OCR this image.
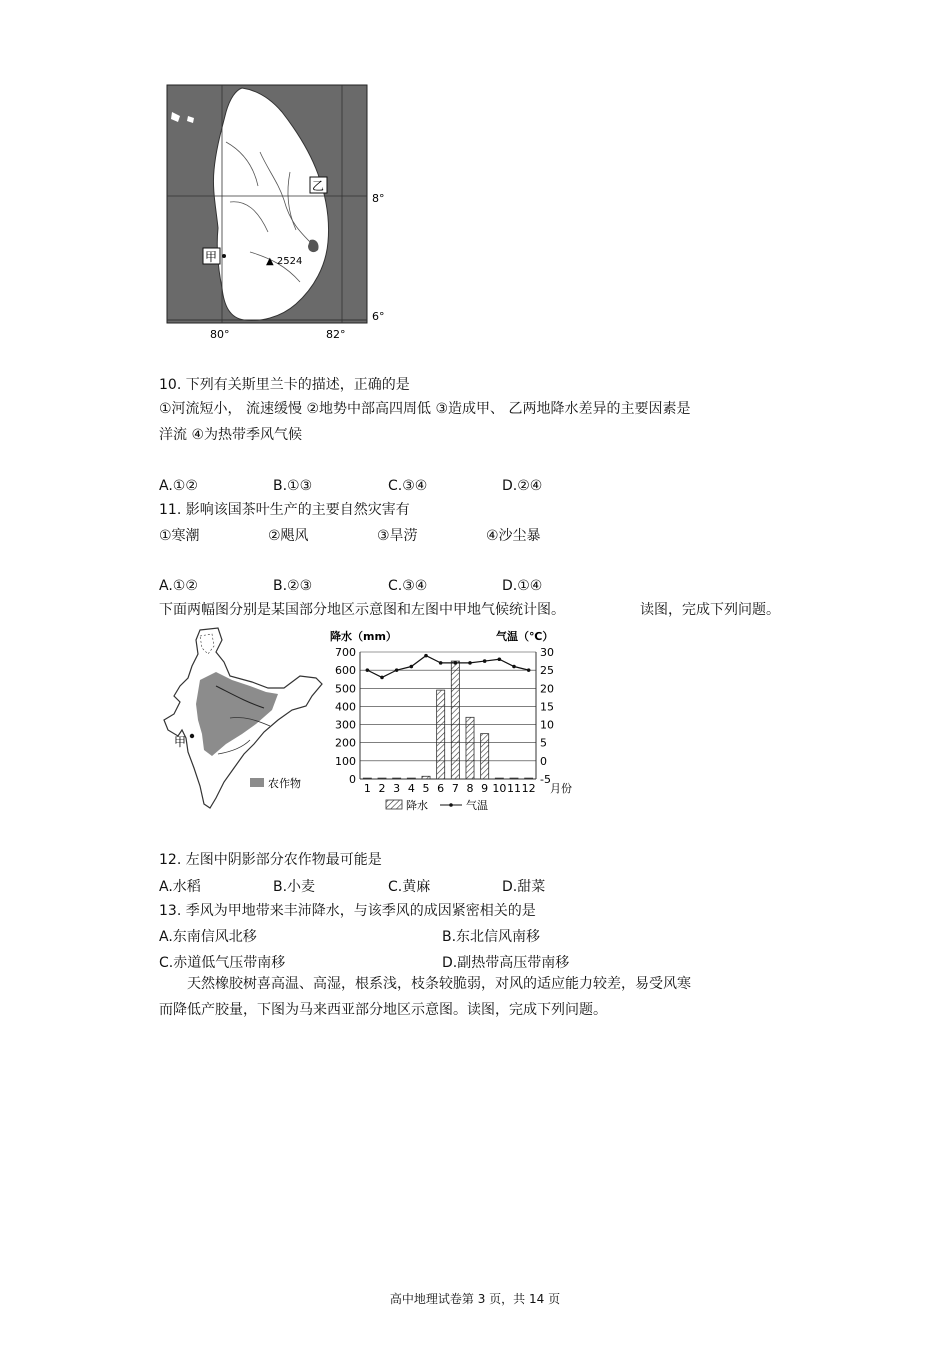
乙
甲	▲ 2524
8°
6°
80°	82°
10. 下列有关斯里兰卡的描述，正确的是
①河流短小， 流速缓慢 ②地势中部高四周低 ③造成甲、 乙两地降水差异的主要因素是
洋流 ④为热带季风气候
A.①②	B.①③	C.③④	D.②④
11. 影响该国茶叶生产的主要自然灾害有
①寒潮	②飓风	③旱涝	④沙尘暴
A.①②	B.②③	C.③④	D.①④
下面两幅图分别是某国部分地区示意图和左图中甲地气候统计图。	读图，完成下列问题。
甲
农作物
降水（mm）	气温（℃）
月份
0
100
200
300
400
500
600
700
-5
0
5
10
15
20
25
30
1 2 3 4 5 6 7 8 9 10 11 12
降水	气温
12. 左图中阴影部分农作物最可能是
A.水稻	B.小麦	C.黄麻	D.甜菜
13. 季风为甲地带来丰沛降水，与该季风的成因紧密相关的是
A.东南信风北移	B.东北信风南移
C.赤道低气压带南移	D.副热带高压带南移
天然橡胶树喜高温、高湿，根系浅，枝条较脆弱，对风的适应能力较差，易受风寒
而降低产胶量，下图为马来西亚部分地区示意图。读图，完成下列问题。
高中地理试卷第 3 页，共 14 页
